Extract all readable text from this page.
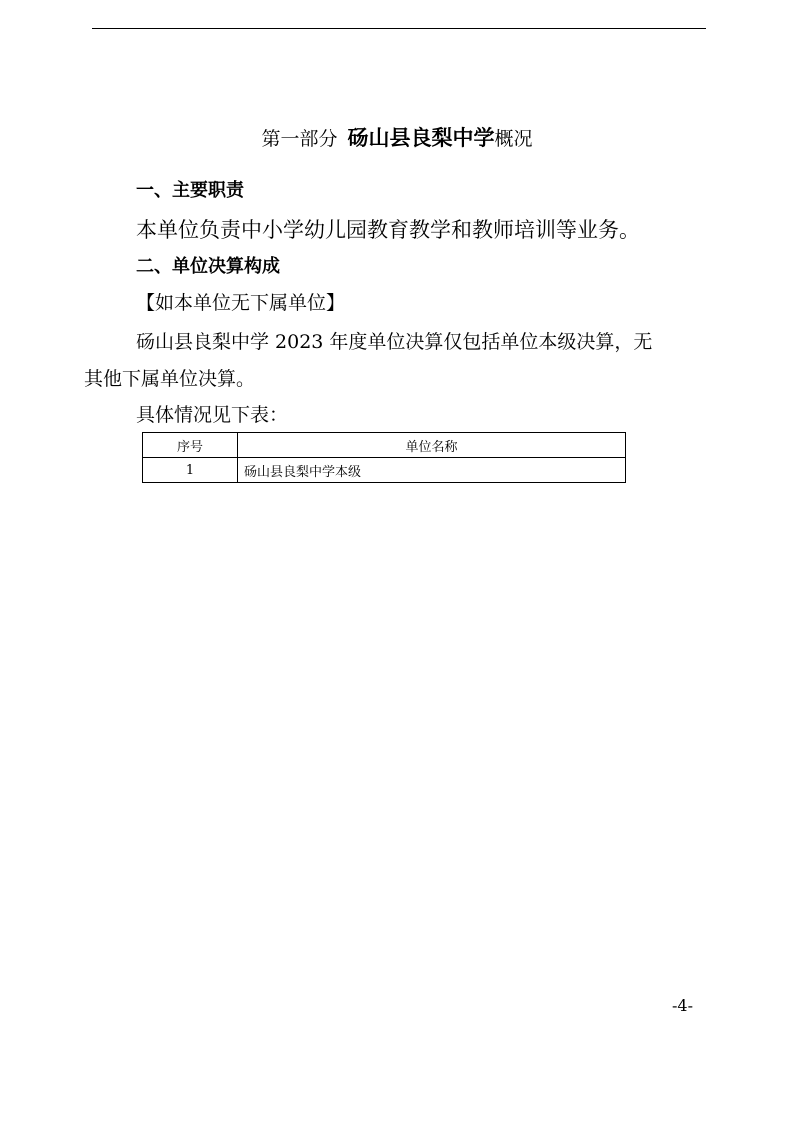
第一部分 砀山县良梨中学概况
一、主要职责
本单位负责中小学幼儿园教育教学和教师培训等业务。
二、单位决算构成
【如本单位无下属单位】
砀山县良梨中学 2023 年度单位决算仅包括单位本级决算，无
其他下属单位决算。
具体情况见下表：
序号	单位名称
1	砀山县良梨中学本级
-4-
